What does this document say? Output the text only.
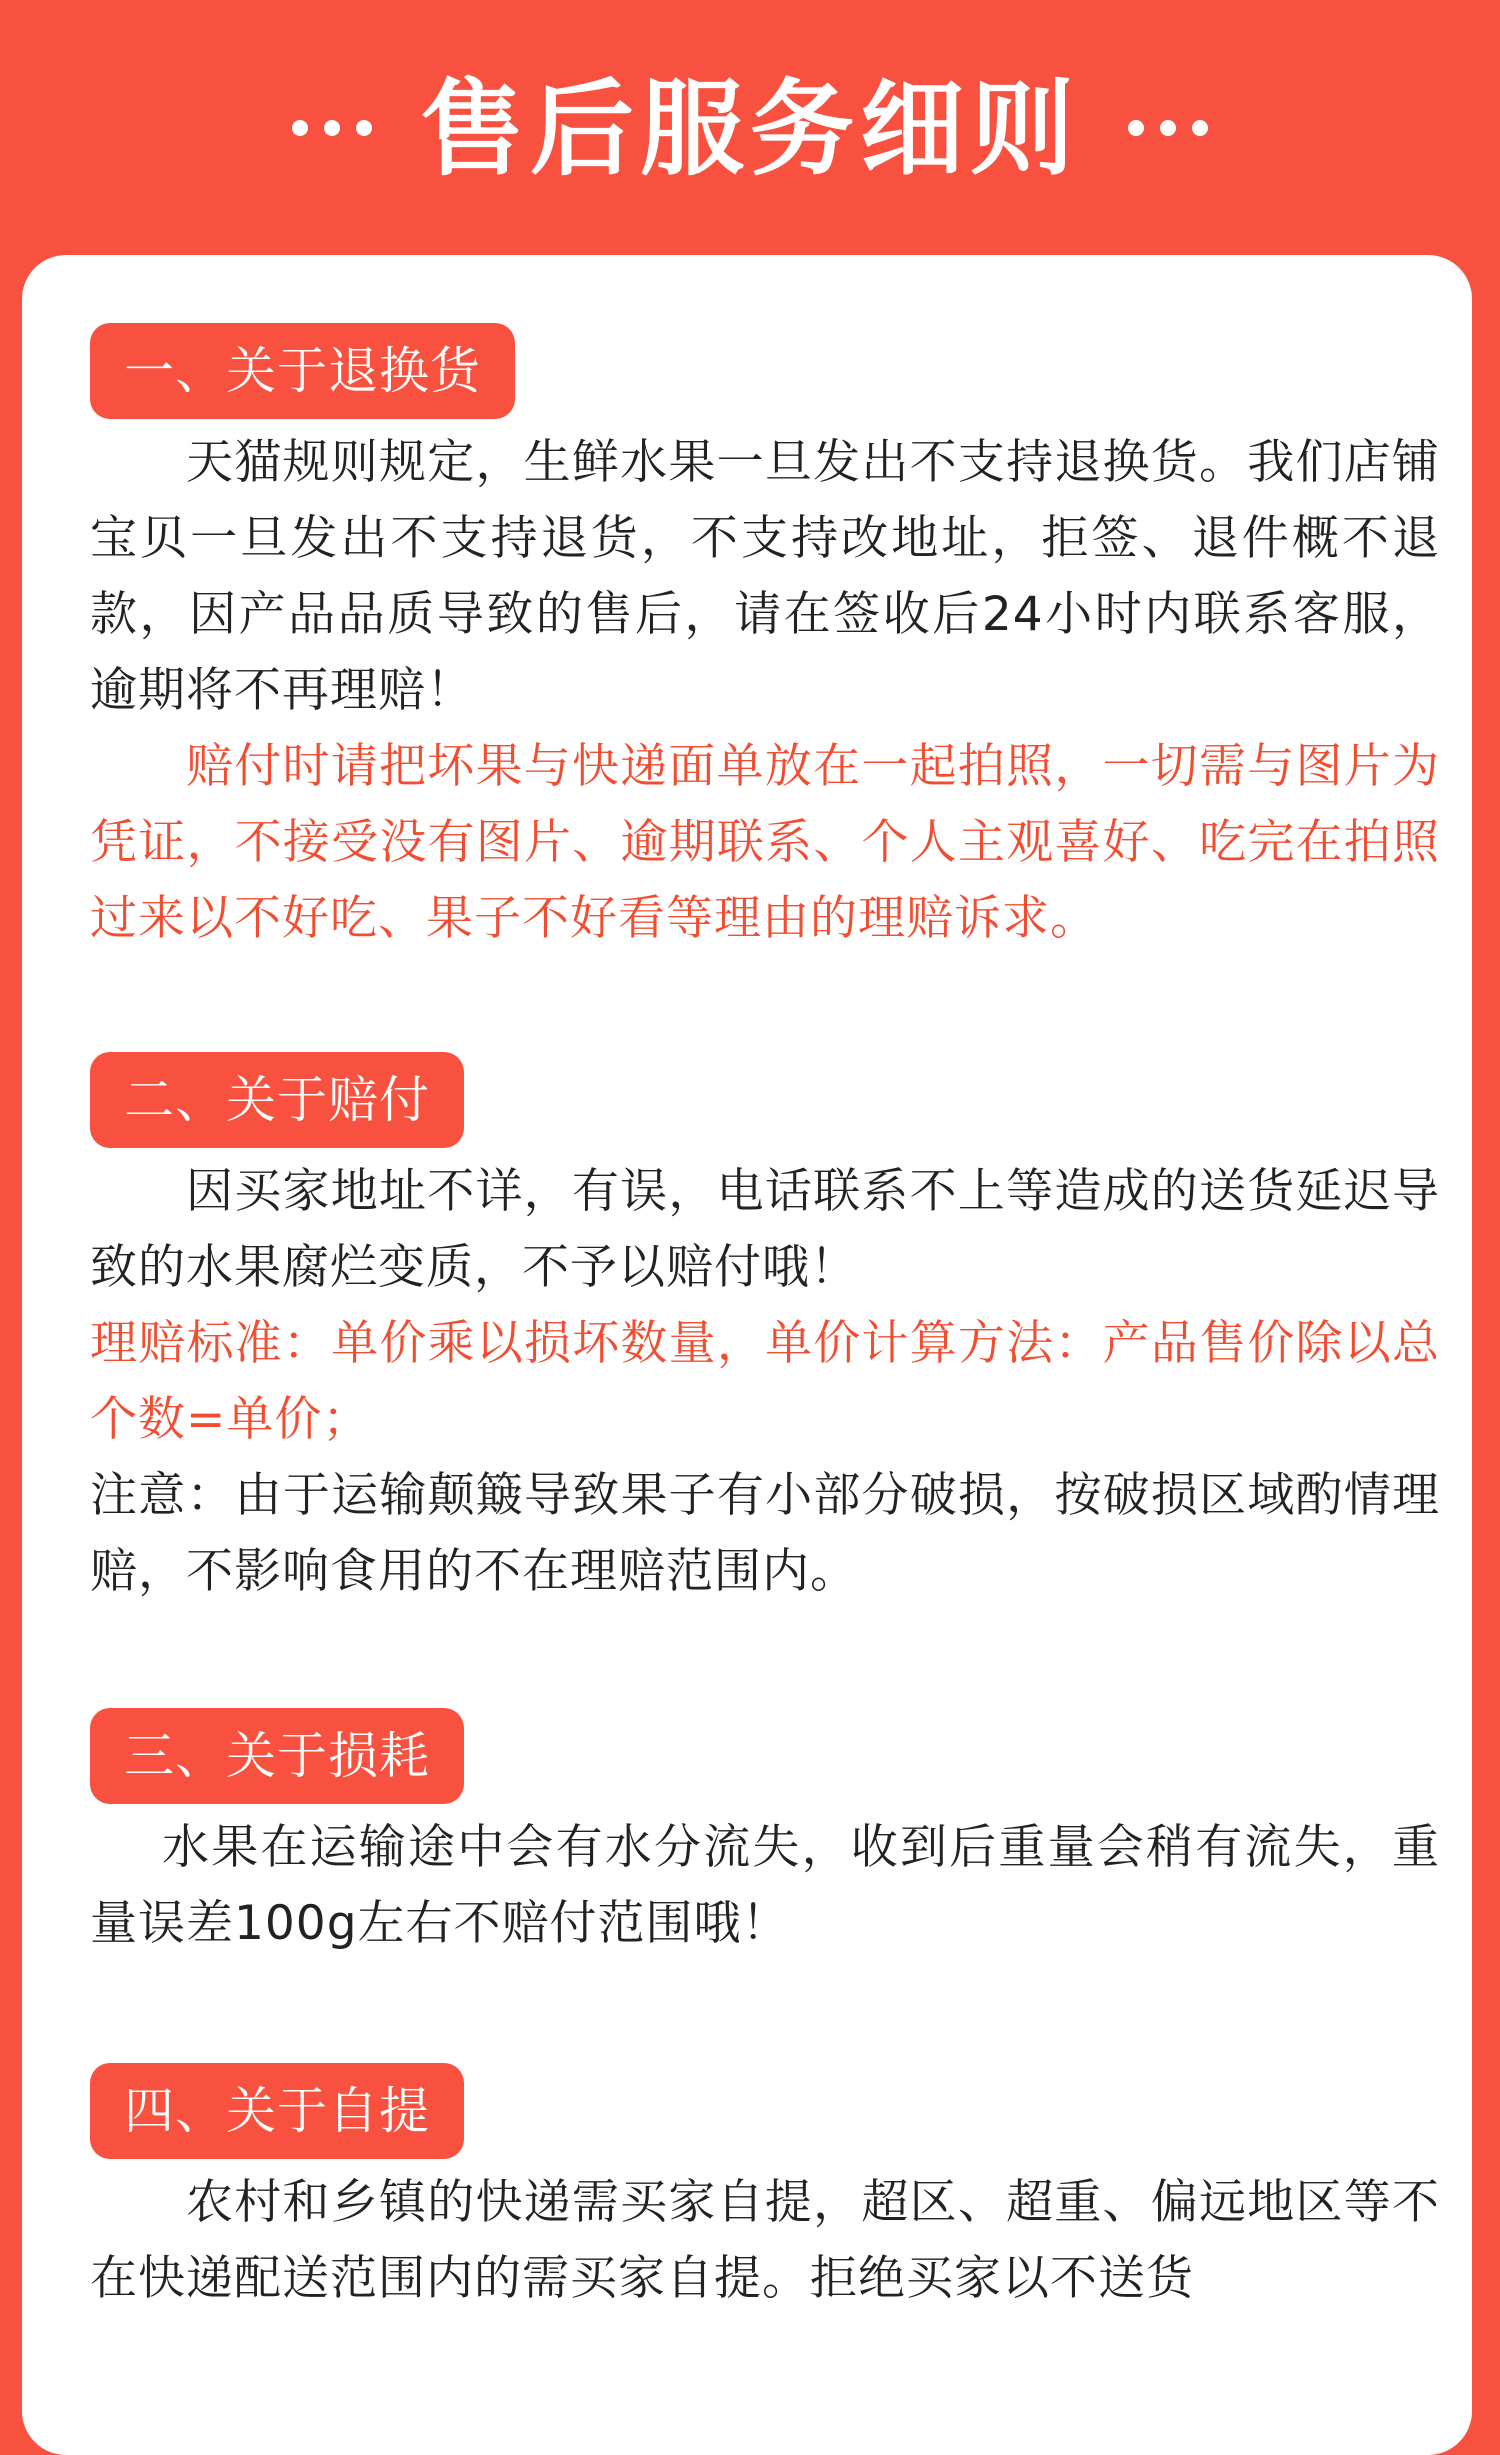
售后服务细则
一、关于退换货

天猫规则规定，生鲜水果一旦发出不支持退换货。我们店铺宝贝一旦发出不支持退货，不支持改地址，拒签、退件概不退款，因产品品质导致的售后，请在签收后24小时内联系客服，逾期将不再理赔！

赔付时请把坏果与快递面单放在一起拍照，一切需与图片为凭证，不接受没有图片、逾期联系、个人主观喜好、吃完在拍照过来以不好吃、果子不好看等理由的理赔诉求。

二、关于赔付

因买家地址不详，有误，电话联系不上等造成的送货延迟导致的水果腐烂变质，不予以赔付哦！

理赔标准：单价乘以损坏数量，单价计算方法：产品售价除以总个数=单价；

注意：由于运输颠簸导致果子有小部分破损，按破损区域酌情理赔，不影响食用的不在理赔范围内。

三、关于损耗

水果在运输途中会有水分流失，收到后重量会稍有流失，重量误差100g左右不赔付范围哦！

四、关于自提

农村和乡镇的快递需买家自提，超区、超重、偏远地区等不在快递配送范围内的需买家自提。拒绝买家以不送货
